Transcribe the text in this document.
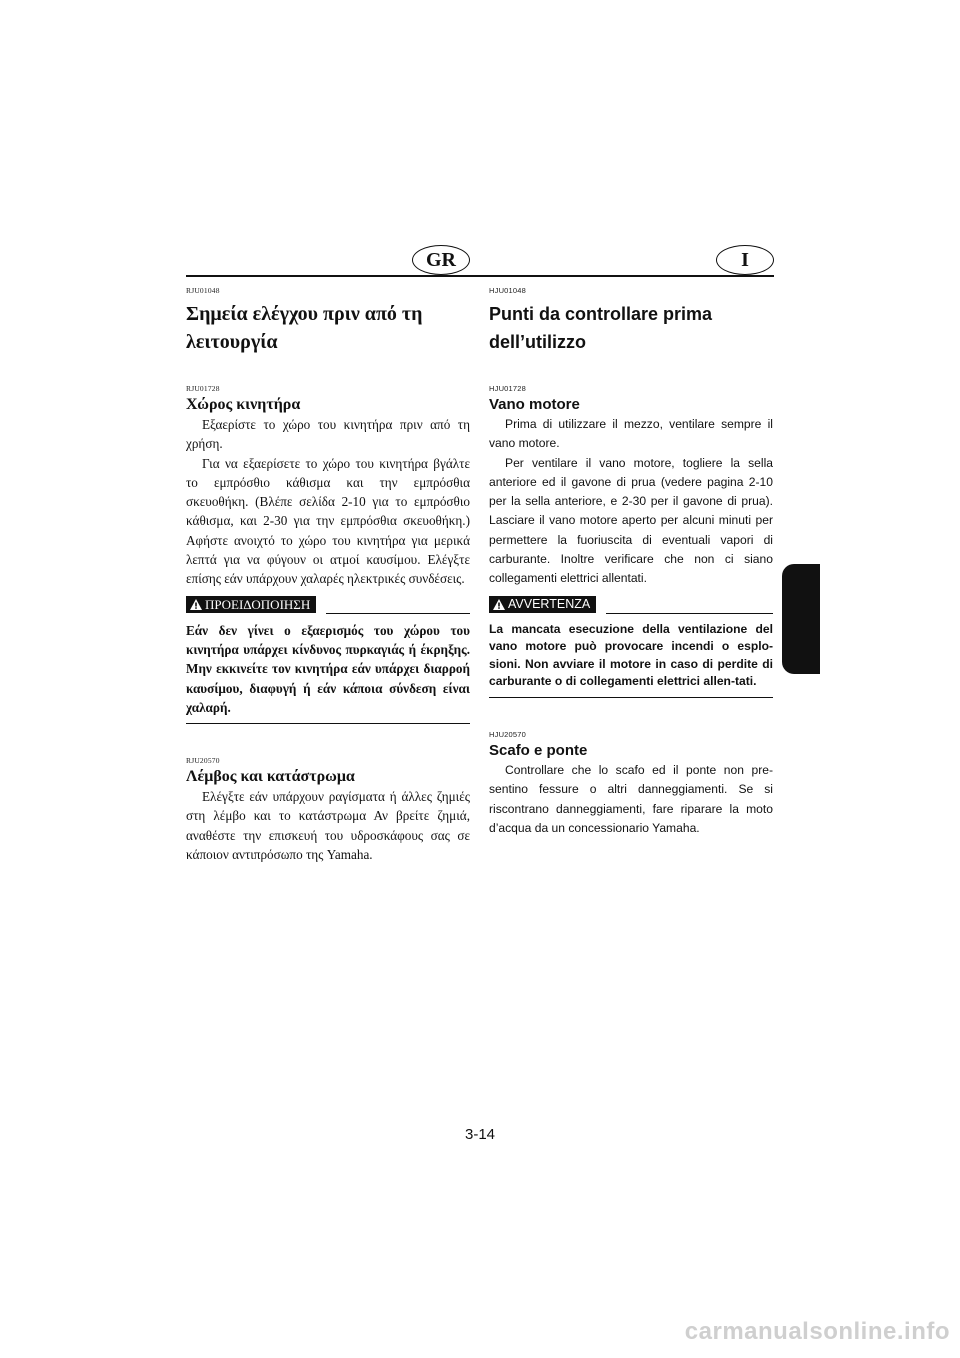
GR	I

RJU01048

Σημεία ελέγχου πριν από τη
λειτουργία

RJU01728

Χώρος κινητήρα

Εξαερίστε το χώρο του κινητήρα πριν από τη χρήση.

Για να εξαερίσετε το χώρο του κινητήρα βγάλτε το εμπρόσθιο κάθισμα και την εμπρόσθια σκευοθήκη. (Βλέπε σελίδα 2-10 για το εμπρόσθιο κάθισμα, και 2-30 για την εμπρόσθια σκευοθήκη.) Αφήστε ανοιχτό το χώρο του κινητήρα για μερικά λεπτά για να φύγουν οι ατμοί καυσίμου. Ελέγξτε επίσης εάν υπάρχουν χαλαρές ηλεκτρικές συνδέσεις.

ΠΡΟΕΙΔΟΠΟΙΗΣΗ

Εάν δεν γίνει ο εξαερισμός του χώρου του κινητήρα υπάρχει κίνδυνος πυρκαγιάς ή έκρηξης. Μην εκκινείτε τον κινητήρα εάν υπάρχει διαρροή καυσίμου, διαφυγή ή εάν κάποια σύνδεση είναι χαλαρή.

RJU20570

Λέμβος και κατάστρωμα

Ελέγξτε εάν υπάρχουν ραγίσματα ή άλλες ζημιές στη λέμβο και το κατάστρωμα Αν βρείτε ζημιά, αναθέστε την επισκευή του υδροσκάφους σας σε κάποιον αντιπρόσωπο της Yamaha.

HJU01048

Punti da controllare prima
dell’utilizzo

HJU01728

Vano motore

Prima di utilizzare il mezzo, ventilare sempre il vano motore.

Per ventilare il vano motore, togliere la sella anteriore ed il gavone di prua (vedere pagina 2-10 per la sella anteriore, e 2-30 per il gavone di prua). Lasciare il vano motore aperto per alcuni minuti per permettere la fuoriuscita di eventuali vapori di carburante. Inoltre verificare che non ci siano collegamenti elettrici allentati.

AVVERTENZA

La mancata esecuzione della ventilazione del vano motore può provocare incendi o esplo-sioni. Non avviare il motore in caso di perdite di carburante o di collegamenti elettrici allen-tati.

HJU20570

Scafo e ponte

Controllare che lo scafo ed il ponte non pre-sentino fessure o altri danneggiamenti. Se si riscontrano danneggiamenti, fare riparare la moto d’acqua da un concessionario Yamaha.

3-14
carmanualsonline.info
